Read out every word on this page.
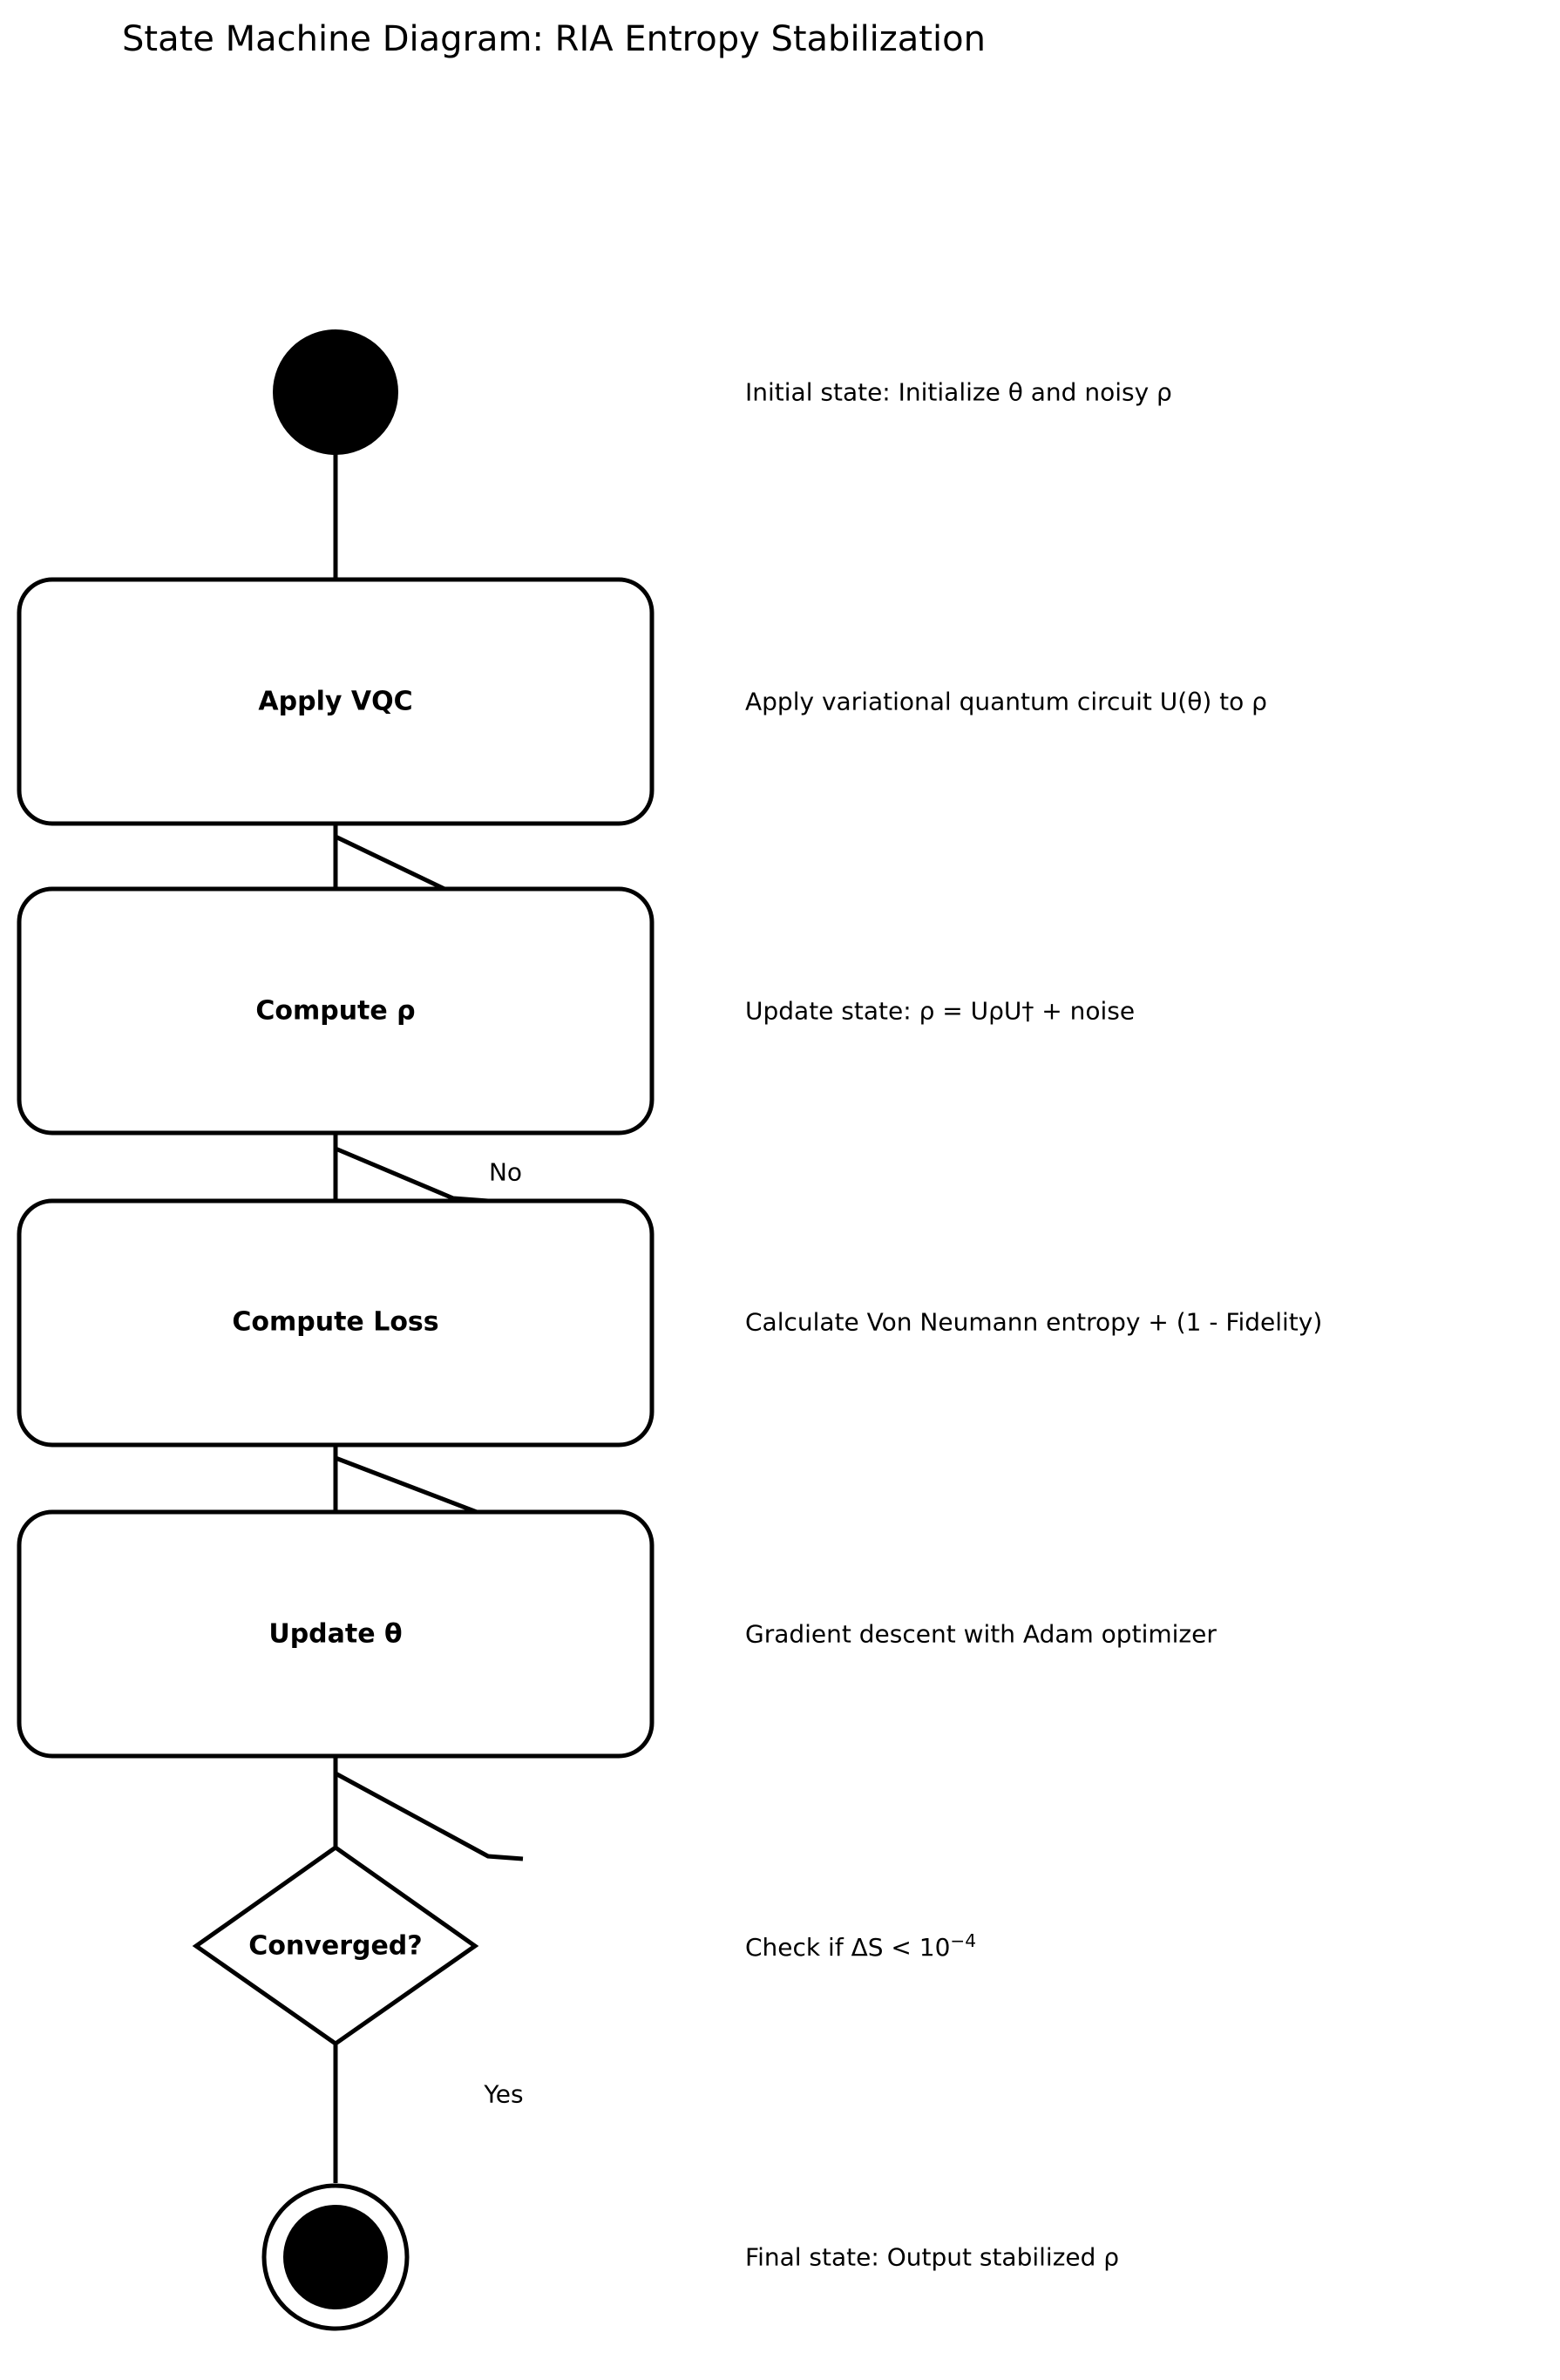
State Machine Diagram: RIA Entropy Stabilization
Apply VQC
Compute ρ
Compute Loss
Update θ
Converged?
No
Yes
Initial state: Initialize θ and noisy ρ
Apply variational quantum circuit U(θ) to ρ
Update state: ρ = UρU† + noise
Calculate Von Neumann entropy + (1 - Fidelity)
Gradient descent with Adam optimizer
Check if $\Delta S < 10^{-4}$
Final state: Output stabilized ρ
